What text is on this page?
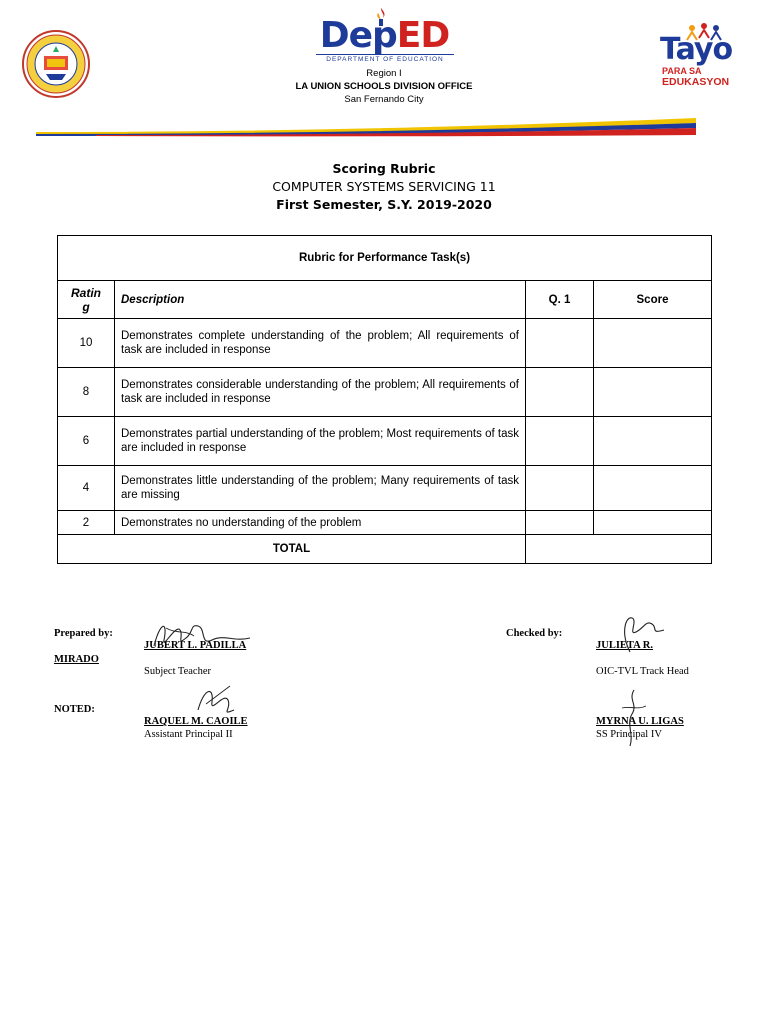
DepED
DEPARTMENT OF EDUCATION	Tayo
PARA SA
EDUKASYON
Region I
LA UNION SCHOOLS DIVISION OFFICE
San Fernando City
Scoring Rubric
COMPUTER SYSTEMS SERVICING 11
First Semester, S.Y. 2019-2020
Rubric for Performance Task(s)			
Ratin
g	Description	Q. 1	Score
10	Demonstrates complete understanding of the problem; All requirements of task are included in response		
8	Demonstrates considerable understanding of the problem; All requirements of task are included in response		
6	Demonstrates partial understanding of the problem; Most requirements of task are included in response		
4	Demonstrates little understanding of the problem; Many requirements of task are missing		
2	Demonstrates no understanding of the problem		
TOTAL			
Prepared by:
JUBERT L. PADILLA
MIRADO
Subject Teacher
Checked by:
JULIETA R.
OIC-TVL Track Head
NOTED:
RAQUEL M. CAOILE
Assistant Principal II
MYRNA U. LIGAS
SS Principal IV
